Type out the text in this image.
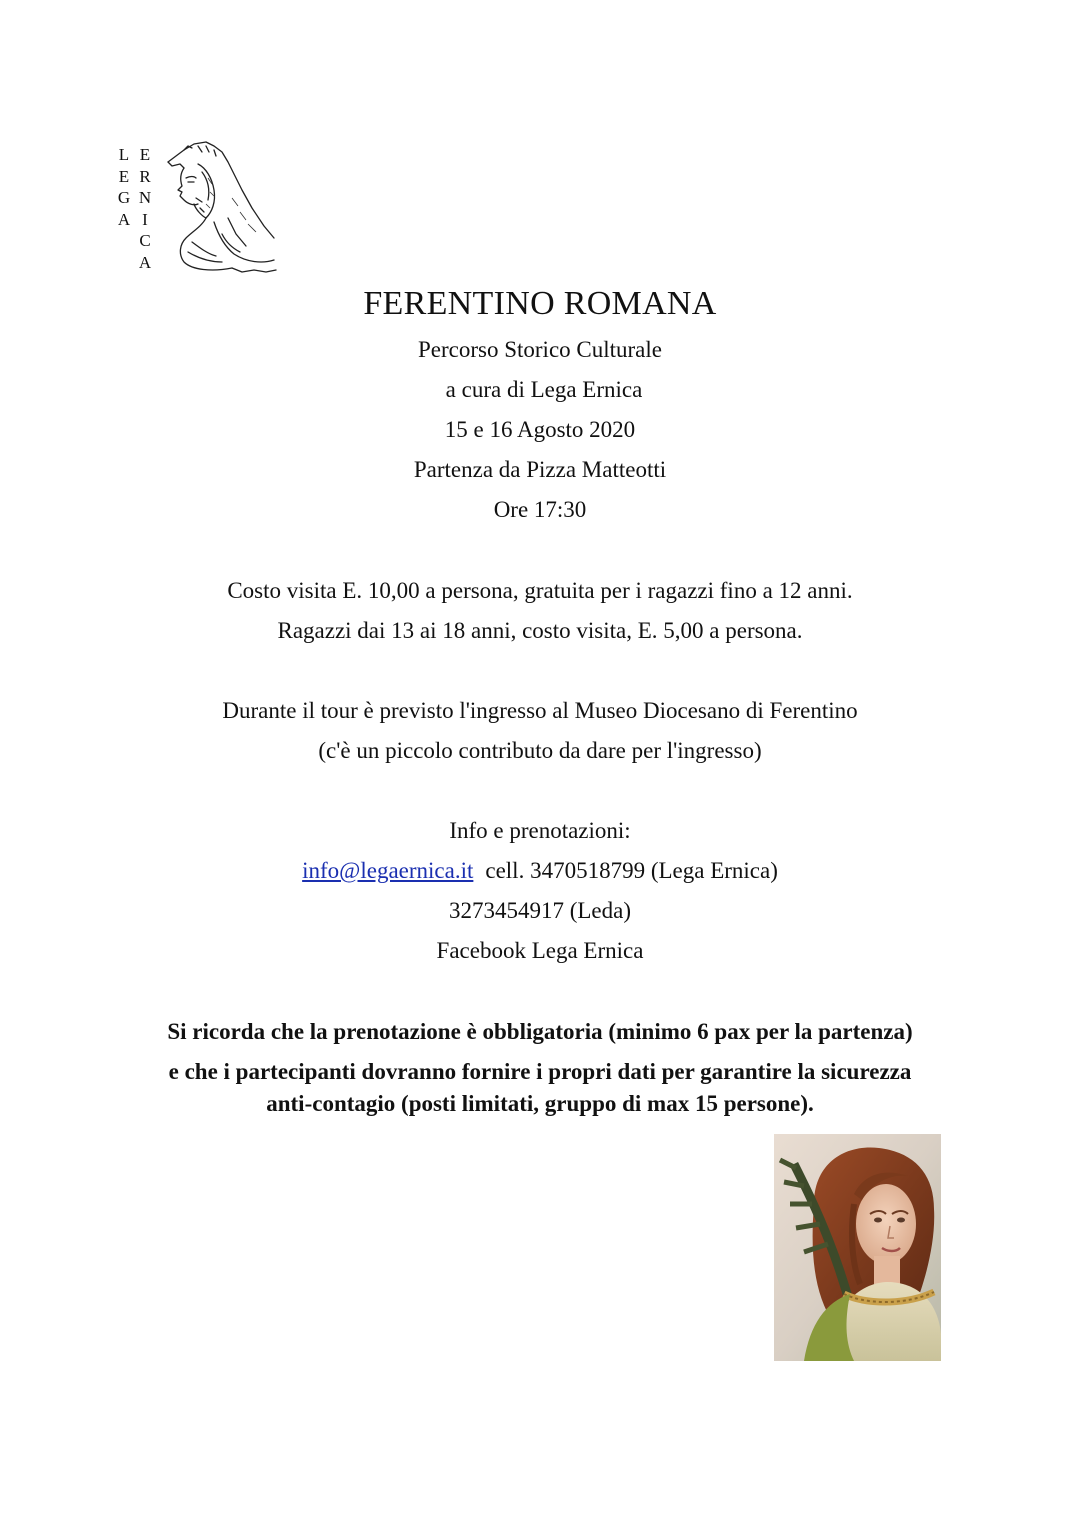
L
E
G
A
E
R
N
I
C
A
FERENTINO ROMANA
Percorso Storico Culturale
a cura di Lega Ernica
15 e 16 Agosto 2020
Partenza da Pizza Matteotti
Ore 17:30
Costo visita E. 10,00 a persona, gratuita per i ragazzi fino a 12 anni.
Ragazzi dai 13 ai 18 anni, costo visita, E. 5,00 a persona.
Durante il tour è previsto l'ingresso al Museo Diocesano di Ferentino
(c'è un piccolo contributo da dare per l'ingresso)
Info e prenotazioni:
info@legaernica.it cell. 3470518799 (Lega Ernica)
3273454917 (Leda)
Facebook Lega Ernica
Si ricorda che la prenotazione è obbligatoria (minimo 6 pax per la partenza)
e che i partecipanti dovranno fornire i propri dati per garantire la sicurezza
anti-contagio (posti limitati, gruppo di max 15 persone).
